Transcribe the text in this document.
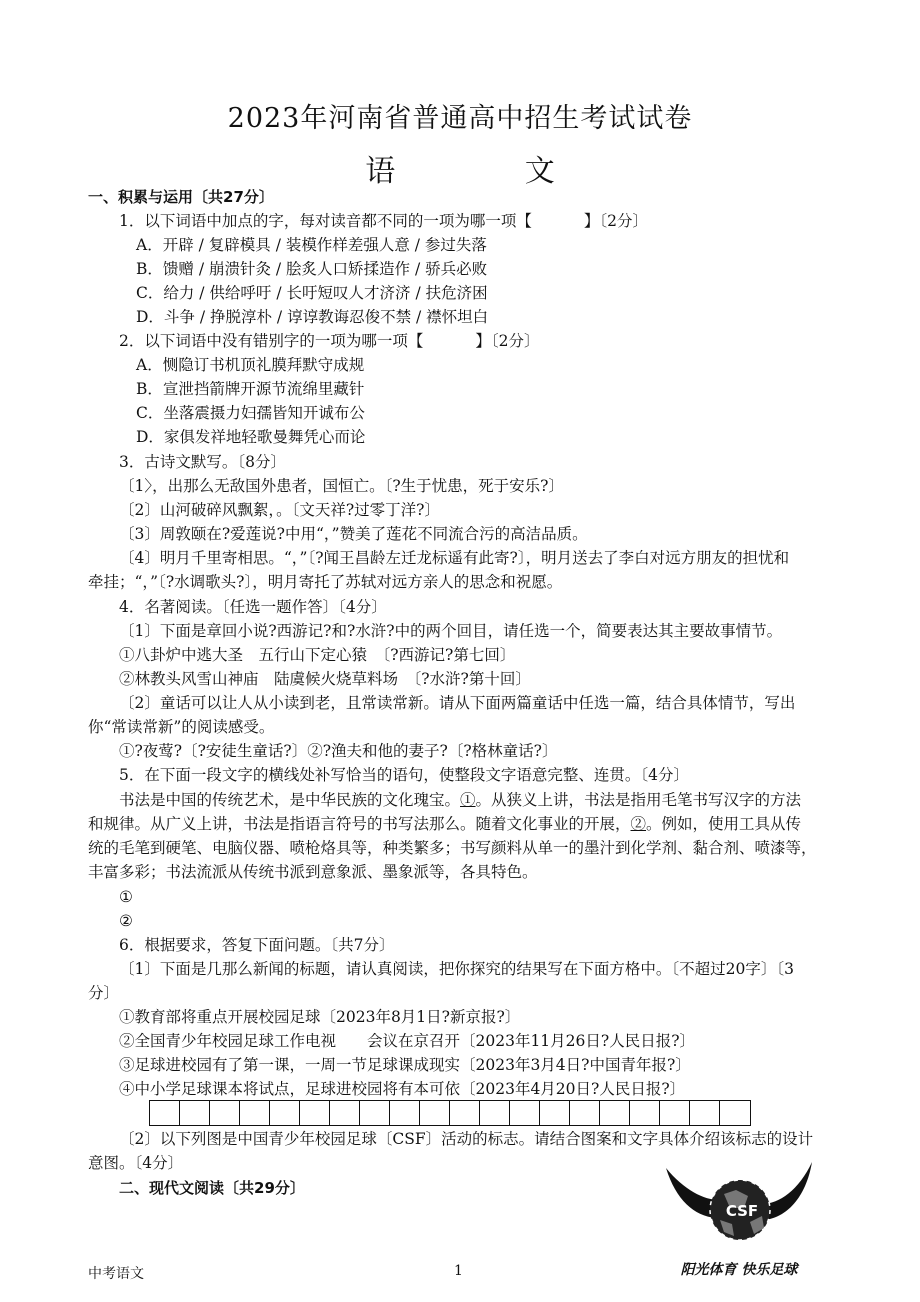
2023年河南省普通高中招生考试试卷
语 文
一、积累与运用〔共27分〕
1．以下词语中加点的字，每对读音都不同的一项为哪一项【	】〔2分〕
A．开辟 / 复辟模具 / 装模作样差强人意 / 参过失落
B．馈赠 / 崩溃针灸 / 脍炙人口矫揉造作 / 骄兵必败
C．给力 / 供给呼吁 / 长吁短叹人才济济 / 扶危济困
D．斗争 / 挣脱淳朴 / 谆谆教诲忍俊不禁 / 襟怀坦白
2．以下词语中没有错别字的一项为哪一项【	】〔2分〕
A．恻隐订书机顶礼膜拜默守成规
B．宣泄挡箭牌开源节流绵里藏针
C．坐落震摄力妇孺皆知开诚布公
D．家俱发祥地轻歌曼舞凭心而论
3．古诗文默写。〔8分〕
〔1〉，出那么无敌国外患者，国恒亡。〔?生于忧患，死于安乐?〕
〔2〕山河破碎风飘絮，。〔文天祥?过零丁洋?〕
〔3〕周敦颐在?爱莲说?中用“，”赞美了莲花不同流合污的高洁品质。
〔4〕明月千里寄相思。“，”〔?闻王昌龄左迁龙标遥有此寄?〕，明月送去了李白对远方朋友的担忧和
牵挂；“，”〔?水调歌头?〕，明月寄托了苏轼对远方亲人的思念和祝愿。
4．名著阅读。〔任选一题作答〕〔4分〕
〔1〕下面是章回小说?西游记?和?水浒?中的两个回目，请任选一个，简要表达其主要故事情节。
①八卦炉中逃大圣　五行山下定心猿　〔?西游记?第七回〕
②林教头风雪山神庙　陆虞候火烧草料场　〔?水浒?第十回〕
〔2〕童话可以让人从小读到老，且常读常新。请从下面两篇童话中任选一篇，结合具体情节，写出
你“常读常新”的阅读感受。
①?夜莺?〔?安徒生童话?〕②?渔夫和他的妻子?〔?格林童话?〕
5．在下面一段文字的横线处补写恰当的语句，使整段文字语意完整、连贯。〔4分〕
书法是中国的传统艺术，是中华民族的文化瑰宝。①。从狭义上讲，书法是指用毛笔书写汉字的方法
和规律。从广义上讲，书法是指语言符号的书写法那么。随着文化事业的开展，②。例如，使用工具从传
统的毛笔到硬笔、电脑仪器、喷枪烙具等，种类繁多；书写颜料从单一的墨汁到化学剂、黏合剂、喷漆等，
丰富多彩；书法流派从传统书派到意象派、墨象派等，各具特色。
①
②
6．根据要求，答复下面问题。〔共7分〕
〔1〕下面是几那么新闻的标题，请认真阅读，把你探究的结果写在下面方格中。〔不超过20字〕〔3
分〕
①教育部将重点开展校园足球〔2023年8月1日?新京报?〕
②全国青少年校园足球工作电视　　会议在京召开〔2023年11月26日?人民日报?〕
③足球进校园有了第一课，一周一节足球课成现实〔2023年3月4日?中国青年报?〕
④中小学足球课本将试点，足球进校园将有本可依〔2023年4月20日?人民日报?〕
〔2〕以下列图是中国青少年校园足球〔CSF〕活动的标志。请结合图案和文字具体介绍该标志的设计
意图。〔4分〕
二、现代文阅读〔共29分〕
CSF
阳光体育 快乐足球
中考语文	1
